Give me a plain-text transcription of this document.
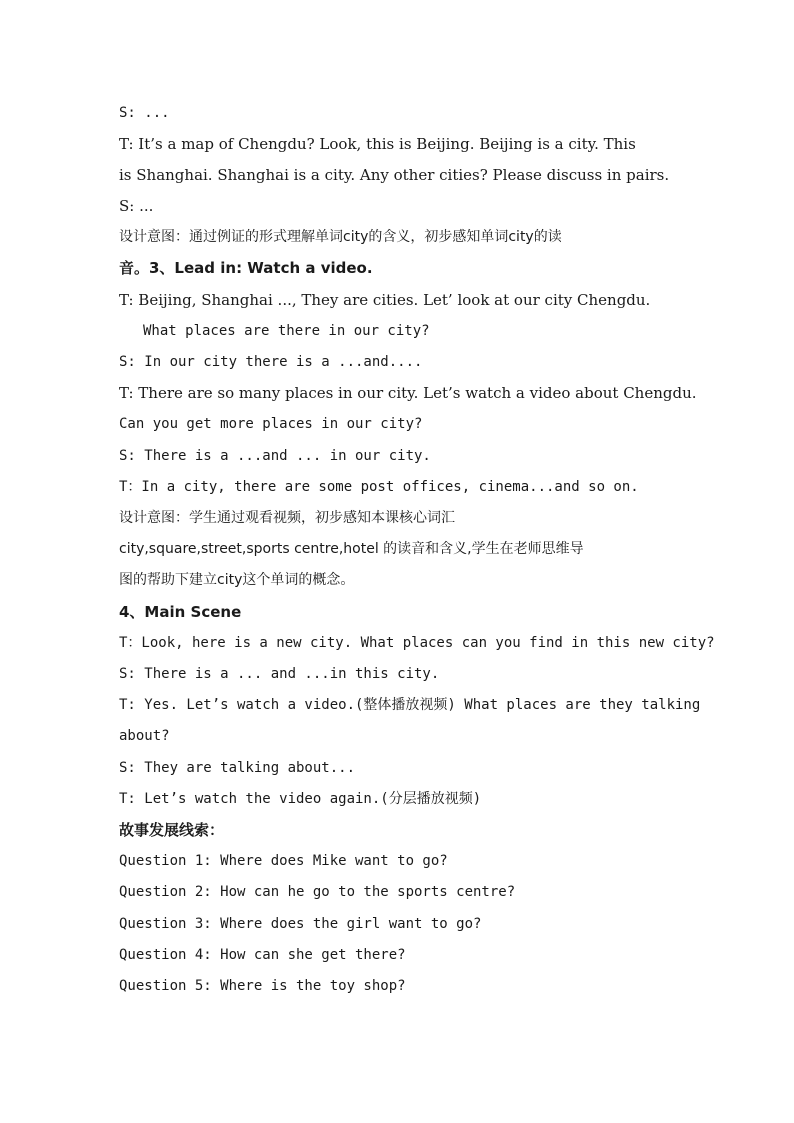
S: ...
T: It’s a map of Chengdu? Look, this is Beijing. Beijing is a city. This
is Shanghai. Shanghai is a city. Any other cities? Please discuss in pairs.
S: ...
设计意图：通过例证的形式理解单词city的含义，初步感知单词city的读
音。3、Lead in: Watch a video.
T: Beijing, Shanghai ..., They are cities. Let’ look at our city Chengdu.
What places are there in our city?
S: In our city there is a ...and....
T: There are so many places in our city. Let’s watch a video about Chengdu.
Can you get more places in our city?
S: There is a ...and ... in our city.
T：In a city, there are some post offices, cinema...and so on.
设计意图：学生通过观看视频，初步感知本课核心词汇
city,square,street,sports centre,hotel 的读音和含义,学生在老师思维导
图的帮助下建立city这个单词的概念。
4、Main Scene
T：Look, here is a new city. What places can you find in this new city?
S: There is a ... and ...in this city.
T: Yes. Let’s watch a video.(整体播放视频) What places are they talking
about?
S: They are talking about...
T: Let’s watch the video again.(分层播放视频)
故事发展线索：
Question 1: Where does Mike want to go?
Question 2: How can he go to the sports centre?
Question 3: Where does the girl want to go?
Question 4: How can she get there?
Question 5: Where is the toy shop?
